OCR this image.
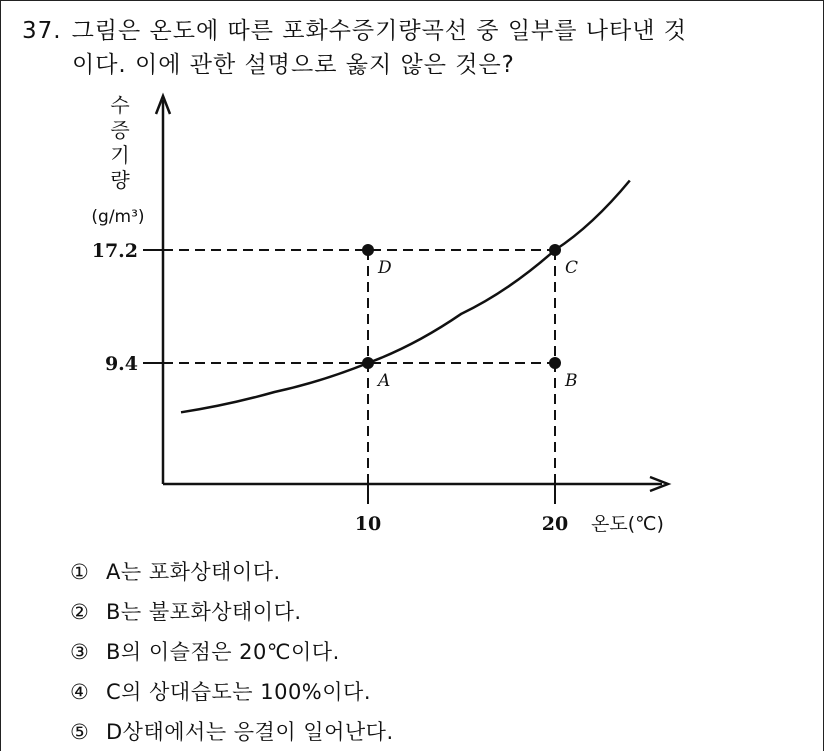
37. 그림은 온도에 따른 포화수증기량곡선 중 일부를 나타낸 것
이다. 이에 관한 설명으로 옳지 않은 것은?
17.2
9.4
10	20 온도(℃)
수
증
기
량
(g/m³)
A	B
C
D
① A는 포화상태이다.
② B는 불포화상태이다.
③ B의 이슬점은 20℃이다.
④ C의 상대습도는 100%이다.
⑤ D상태에서는 응결이 일어난다.
